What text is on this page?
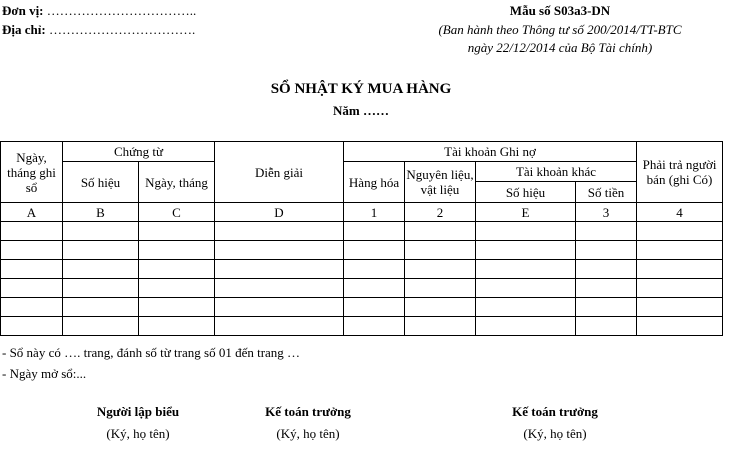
Đơn vị: ……………………………..
Địa chỉ: …………………………….
Mẫu số S03a3-DN
(Ban hành theo Thông tư số 200/2014/TT-BTC
ngày 22/12/2014 của Bộ Tài chính)
SỔ NHẬT KÝ MUA HÀNG
Năm ……
Ngày, tháng ghi sổ	Chứng từ		Diễn giải	Tài khoản Ghi nợ				Phải trả người bán (ghi Có)
	Số hiệu	Ngày, tháng		Hàng hóa	Nguyên liệu, vật liệu	Tài khoản khác		
						Số hiệu	Số tiền	
A	B	C	D	1	2	E	3	4

- Sổ này có …. trang, đánh số từ trang số 01 đến trang …
- Ngày mở sổ:...
Người lập biểu
(Ký, họ tên)
Kế toán trưởng
(Ký, họ tên)
Kế toán trưởng
(Ký, họ tên)
